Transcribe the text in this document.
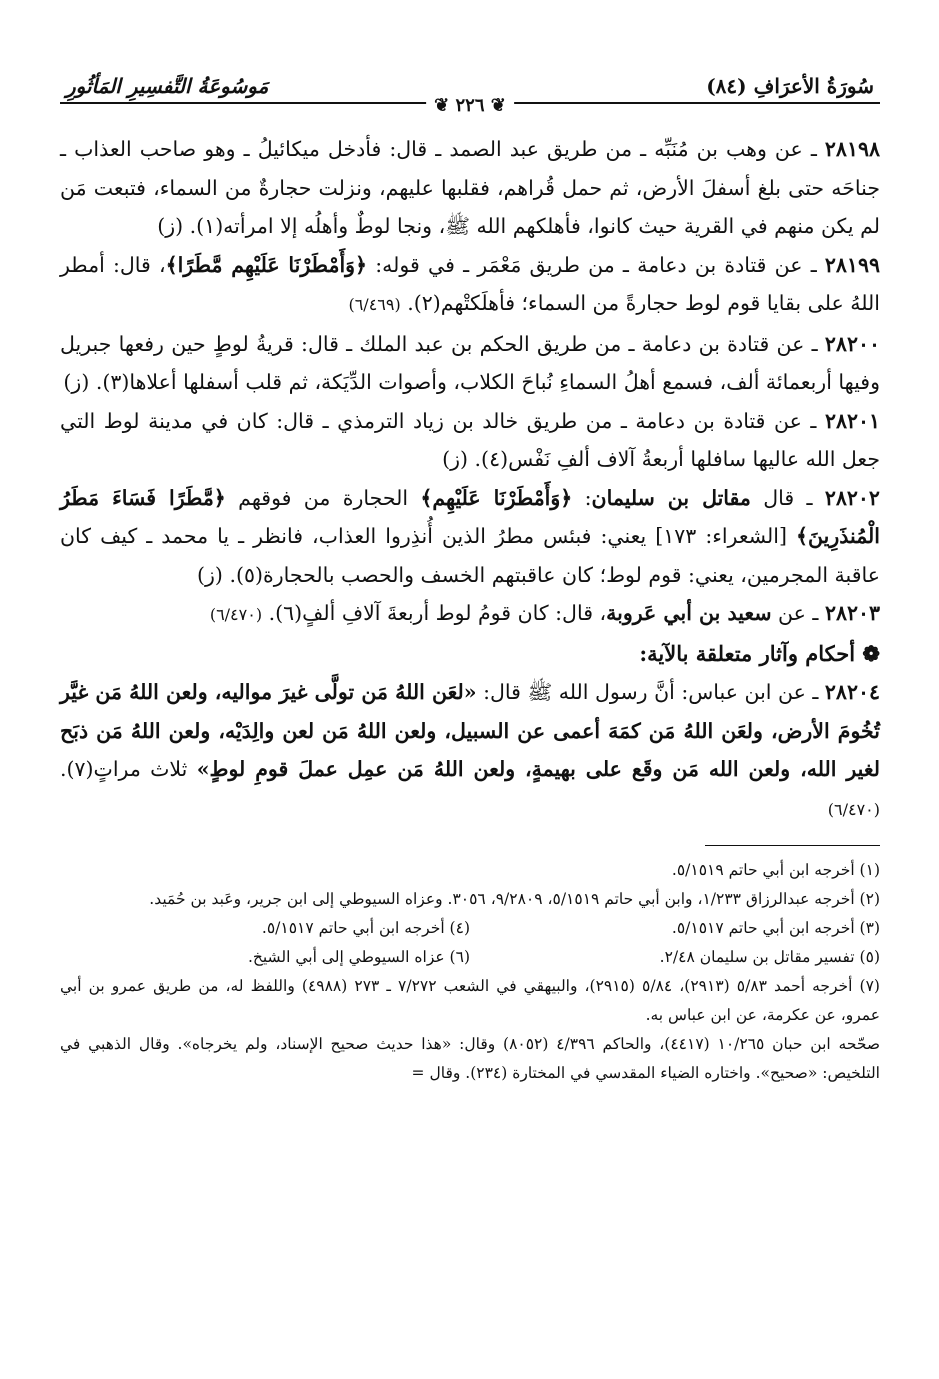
سُورَةُ الأعرَافِ (٨٤)
مَوسُوعَةُ التَّفسِيرِ المَأثُورِ
❦ ٢٢٦ ❦

٢٨١٩٨ ـ عن وهب بن مُنَبِّه ـ من طريق عبد الصمد ـ قال: فأدخل ميكائيلُ ـ وهو صاحب العذاب ـ جناحَه حتى بلغ أسفلَ الأرض، ثم حمل قُراهم، فقلبها عليهم، ونزلت حجارةٌ من السماء، فتبعت مَن لم يكن منهم في القرية حيث كانوا، فأهلكهم الله ﷺ، ونجا لوطٌ وأهلُه إلا امرأته(١). (ز)

٢٨١٩٩ ـ عن قتادة بن دعامة ـ من طريق مَعْمَر ـ في قوله: ﴿وَأَمْطَرْنَا عَلَيْهِم مَّطَرًا﴾، قال: أمطر اللهُ على بقايا قوم لوط حجارةً من السماء؛ فأهلَكتْهم(٢). (٦/٤٦٩)

٢٨٢٠٠ ـ عن قتادة بن دعامة ـ من طريق الحكم بن عبد الملك ـ قال: قريةُ لوطٍ حين رفعها جبريل وفيها أربعمائة ألف، فسمع أهلُ السماءِ نُباحَ الكلاب، وأصوات الدِّيَكة، ثم قلب أسفلها أعلاها(٣). (ز)

٢٨٢٠١ ـ عن قتادة بن دعامة ـ من طريق خالد بن زياد الترمذي ـ قال: كان في مدينة لوط التي جعل الله عاليها سافلها أربعةُ آلاف ألفِ نَفْس(٤). (ز)

٢٨٢٠٢ ـ قال مقاتل بن سليمان: ﴿وَأَمْطَرْنَا عَلَيْهِم﴾ الحجارة من فوقهم ﴿مَّطَرًا فَسَاءَ مَطَرُ الْمُنذَرِينَ﴾ [الشعراء: ١٧٣] يعني: فبئس مطرُ الذين أُنذِروا العذاب، فانظر ـ يا محمد ـ كيف كان عاقبة المجرمين، يعني: قوم لوط؛ كان عاقبتهم الخسف والحصب بالحجارة(٥). (ز)

٢٨٢٠٣ ـ عن سعيد بن أبي عَروبة، قال: كان قومُ لوط أربعةَ آلافِ ألفٍ(٦). (٦/٤٧٠)

❁ أحكام وآثار متعلقة بالآية:

٢٨٢٠٤ ـ عن ابن عباس: أنَّ رسول الله ﷺ قال: «لعَن اللهُ مَن تولَّى غيرَ مواليه، ولعن اللهُ مَن غيَّر تُخُومَ الأرض، ولعَن اللهُ مَن كمَهَ أعمى عن السبيل، ولعن اللهُ مَن لعن والِدَيْه، ولعن اللهُ مَن ذبَح لغير الله، ولعن الله مَن وقَع على بهيمةٍ، ولعن اللهُ مَن عمِل عملَ قومِ لوطٍ» ثلاث مراتٍ(٧). (٦/٤٧٠)

(١) أخرجه ابن أبي حاتم ٥/١٥١٩.

(٢) أخرجه عبدالرزاق ١/٢٣٣، وابن أبي حاتم ٥/١٥١٩، ٩/٢٨٠٩، ٣٠٥٦. وعزاه السيوطي إلى ابن جرير، وعَبد بن حُمَيد.

(٣) أخرجه ابن أبي حاتم ٥/١٥١٧.
(٤) أخرجه ابن أبي حاتم ٥/١٥١٧.
(٥) تفسير مقاتل بن سليمان ٢/٤٨.
(٦) عزاه السيوطي إلى أبي الشيخ.

(٧) أخرجه أحمد ٥/٨٣ (٢٩١٣)، ٥/٨٤ (٢٩١٥)، والبيهقي في الشعب ٧/٢٧٢ ـ ٢٧٣ (٤٩٨٨) واللفظ له، من طريق عمرو بن أبي عمرو، عن عكرمة، عن ابن عباس به.

صحّحه ابن حبان ١٠/٢٦٥ (٤٤١٧)، والحاكم ٤/٣٩٦ (٨٠٥٢) وقال: «هذا حديث صحيح الإسناد، ولم يخرجاه». وقال الذهبي في التلخيص: «صحيح». واختاره الضياء المقدسي في المختارة (٢٣٤). وقال =
